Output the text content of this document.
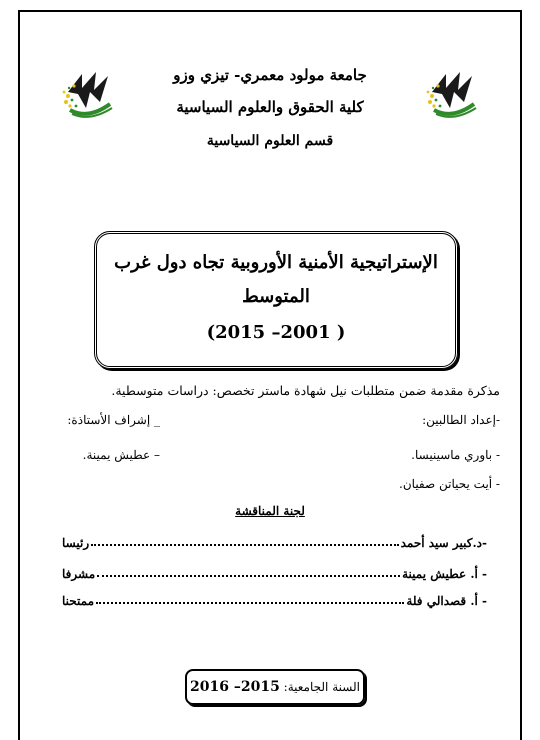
جامعة مولود معمري- تيزي وزو
كلية الحقوق والعلوم السياسية
قسم العلوم السياسية
الإستراتيجية الأمنية الأوروبية تجاه دول غرب
المتوسط
( 2001– 2015)
مذكرة مقدمة ضمن متطلبات نيل شهادة ماستر تخصص: دراسات متوسطية.
-إعداد الطالبين:
_ إشراف الأستاذة:
- باوري ماسينيسا.
– عطيش يمينة.
- أيت يحياتن صفيان.
لجنة المناقشة
-د.كبير سيد أحمد
رئيسا
- أ. عطيش يمينة
مشرفا
- أ. قصدالي فلة
ممتحنا
السنة الجامعية: 2015– 2016
